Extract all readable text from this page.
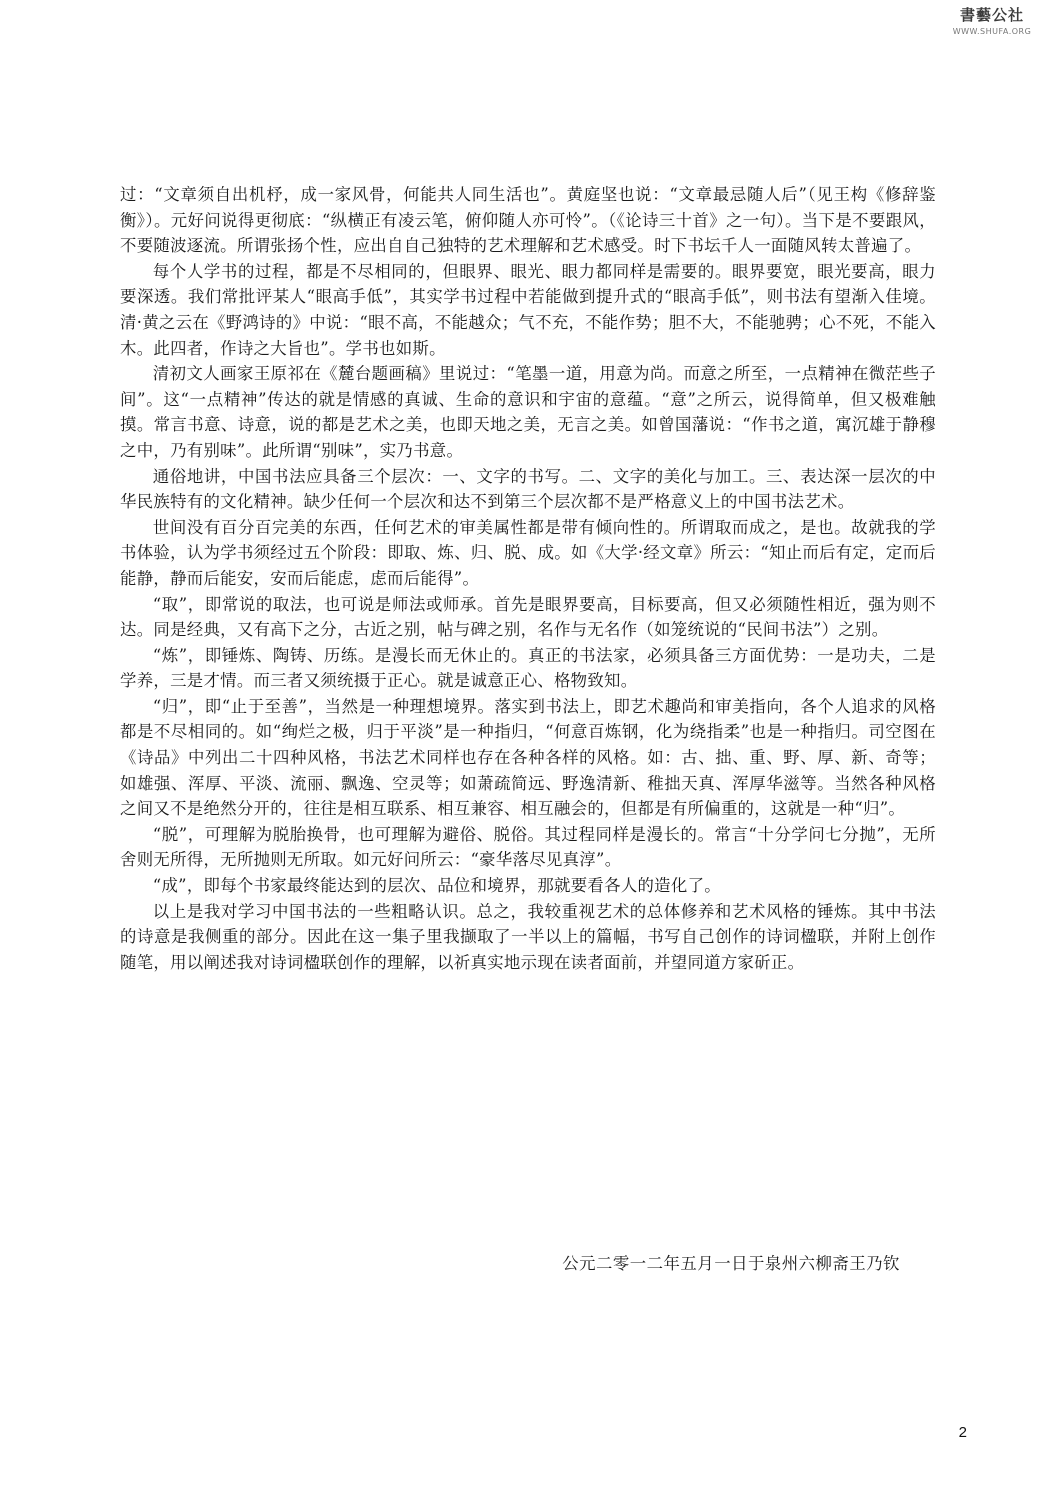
書藝公社
WWW.SHUFA.ORG

过：“文章须自出机杼，成一家风骨，何能共人同生活也”。黄庭坚也说：“文章最忌随人后”（见王构《修辞鉴衡》）。元好问说得更彻底：“纵横正有凌云笔，俯仰随人亦可怜”。（《论诗三十首》之一句）。当下是不要跟风，不要随波逐流。所谓张扬个性，应出自自己独特的艺术理解和艺术感受。时下书坛千人一面随风转太普遍了。

每个人学书的过程，都是不尽相同的，但眼界、眼光、眼力都同样是需要的。眼界要宽，眼光要高，眼力要深透。我们常批评某人“眼高手低”，其实学书过程中若能做到提升式的“眼高手低”，则书法有望渐入佳境。清·黄之云在《野鸿诗的》中说：“眼不高，不能越众；气不充，不能作势；胆不大，不能驰骋；心不死，不能入木。此四者，作诗之大旨也”。学书也如斯。

清初文人画家王原祁在《麓台题画稿》里说过：“笔墨一道，用意为尚。而意之所至，一点精神在微茫些子间”。这“一点精神”传达的就是情感的真诚、生命的意识和宇宙的意蕴。“意”之所云，说得简单，但又极难触摸。常言书意、诗意，说的都是艺术之美，也即天地之美，无言之美。如曾国藩说：“作书之道，寓沉雄于静穆之中，乃有别味”。此所谓“别味”，实乃书意。

通俗地讲，中国书法应具备三个层次：一、文字的书写。二、文字的美化与加工。三、表达深一层次的中华民族特有的文化精神。缺少任何一个层次和达不到第三个层次都不是严格意义上的中国书法艺术。

世间没有百分百完美的东西，任何艺术的审美属性都是带有倾向性的。所谓取而成之，是也。故就我的学书体验，认为学书须经过五个阶段：即取、炼、归、脱、成。如《大学·经文章》所云：“知止而后有定，定而后能静，静而后能安，安而后能虑，虑而后能得”。

“取”，即常说的取法，也可说是师法或师承。首先是眼界要高，目标要高，但又必须随性相近，强为则不达。同是经典，又有高下之分，古近之别，帖与碑之别，名作与无名作（如笼统说的“民间书法”）之别。

“炼”，即锤炼、陶铸、历练。是漫长而无休止的。真正的书法家，必须具备三方面优势：一是功夫，二是学养，三是才情。而三者又须统摄于正心。就是诚意正心、格物致知。

“归”，即“止于至善”，当然是一种理想境界。落实到书法上，即艺术趣尚和审美指向，各个人追求的风格都是不尽相同的。如“绚烂之极，归于平淡”是一种指归，“何意百炼钢，化为绕指柔”也是一种指归。司空图在《诗品》中列出二十四种风格，书法艺术同样也存在各种各样的风格。如：古、拙、重、野、厚、新、奇等；如雄强、浑厚、平淡、流丽、飘逸、空灵等；如萧疏简远、野逸清新、稚拙天真、浑厚华滋等。当然各种风格之间又不是绝然分开的，往往是相互联系、相互兼容、相互融会的，但都是有所偏重的，这就是一种“归”。

“脱”，可理解为脱胎换骨，也可理解为避俗、脱俗。其过程同样是漫长的。常言“十分学问七分抛”，无所舍则无所得，无所抛则无所取。如元好问所云：“豪华落尽见真淳”。

“成”，即每个书家最终能达到的层次、品位和境界，那就要看各人的造化了。

以上是我对学习中国书法的一些粗略认识。总之，我较重视艺术的总体修养和艺术风格的锤炼。其中书法的诗意是我侧重的部分。因此在这一集子里我撷取了一半以上的篇幅，书写自己创作的诗词楹联，并附上创作随笔，用以阐述我对诗词楹联创作的理解，以祈真实地示现在读者面前，并望同道方家斫正。

公元二零一二年五月一日于泉州六柳斋王乃钦
2
